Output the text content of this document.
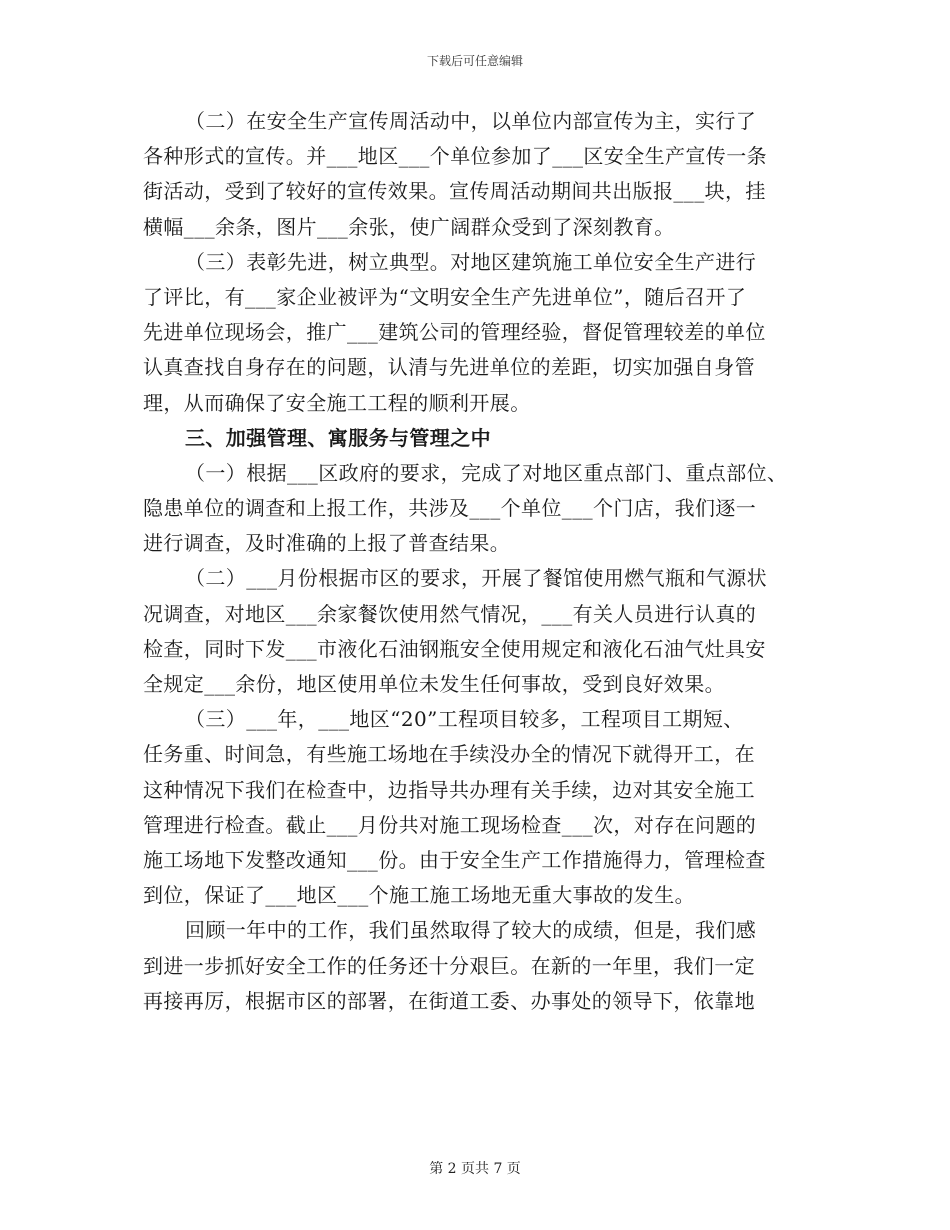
下载后可任意编辑
（二）在安全生产宣传周活动中，以单位内部宣传为主，实行了
各种形式的宣传。并___地区___个单位参加了___区安全生产宣传一条
街活动，受到了较好的宣传效果。宣传周活动期间共出版报___块，挂
横幅___余条，图片___余张，使广阔群众受到了深刻教育。
（三）表彰先进，树立典型。对地区建筑施工单位安全生产进行
了评比，有___家企业被评为“文明安全生产先进单位”，随后召开了
先进单位现场会，推广___建筑公司的管理经验，督促管理较差的单位
认真查找自身存在的问题，认清与先进单位的差距，切实加强自身管
理，从而确保了安全施工工程的顺利开展。
三、加强管理、寓服务与管理之中
（一）根据___区政府的要求，完成了对地区重点部门、重点部位、
隐患单位的调查和上报工作，共涉及___个单位___个门店，我们逐一
进行调查，及时准确的上报了普查结果。
（二）___月份根据市区的要求，开展了餐馆使用燃气瓶和气源状
况调查，对地区___余家餐饮使用然气情况，___有关人员进行认真的
检查，同时下发___市液化石油钢瓶安全使用规定和液化石油气灶具安
全规定___余份，地区使用单位未发生任何事故，受到良好效果。
（三）___年，___地区“20”工程项目较多，工程项目工期短、
任务重、时间急，有些施工场地在手续没办全的情况下就得开工，在
这种情况下我们在检查中，边指导共办理有关手续，边对其安全施工
管理进行检查。截止___月份共对施工现场检查___次，对存在问题的
施工场地下发整改通知___份。由于安全生产工作措施得力，管理检查
到位，保证了___地区___个施工施工场地无重大事故的发生。
回顾一年中的工作，我们虽然取得了较大的成绩，但是，我们感
到进一步抓好安全工作的任务还十分艰巨。在新的一年里，我们一定
再接再厉，根据市区的部署，在街道工委、办事处的领导下，依靠地
第 2 页共 7 页
